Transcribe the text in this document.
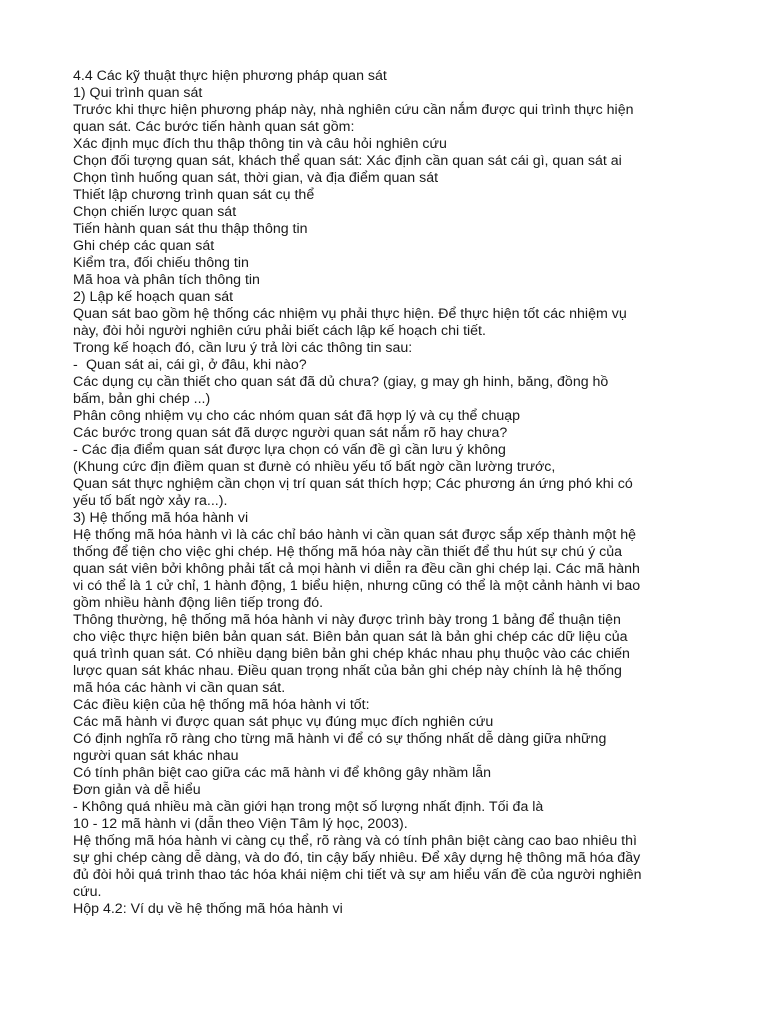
4.4 Các kỹ thuật thực hiện phương pháp quan sát
1) Qui trình quan sát
Trước khi thực hiện phương pháp này, nhà nghiên cứu cần nắm được qui trình thực hiện
quan sát. Các bước tiến hành quan sát gồm:
Xác định mục đích thu thập thông tin và câu hỏi nghiên cứu
Chọn đối tượng quan sát, khách thể quan sát: Xác định cần quan sát cái gì, quan sát ai
Chọn tình huống quan sát, thời gian, và địa điểm quan sát
Thiết lập chương trình quan sát cụ thể
Chọn chiến lược quan sát
Tiến hành quan sát thu thập thông tin
Ghi chép các quan sát
Kiểm tra, đối chiếu thông tin
Mã hoa và phân tích thông tin
2) Lập kế hoạch quan sát
Quan sát bao gồm hệ thống các nhiệm vụ phải thực hiện. Để thực hiện tốt các nhiệm vụ
này, đòi hỏi người nghiên cứu phải biết cách lập kế hoạch chi tiết.
Trong kế hoạch đó, cần lưu ý trả lời các thông tin sau:
- Quan sát ai, cái gì, ở đâu, khi nào?
Các dụng cụ cần thiết cho quan sát đã dủ chưa? (giay, g may gh hinh, băng, đồng hồ
bấm, bản ghi chép ...)
Phân công nhiệm vụ cho các nhóm quan sát đã hợp lý và cụ thể chuạp
Các bước trong quan sát đã dược người quan sát nắm rõ hay chưa?
- Các địa điểm quan sát được lựa chọn có vấn đề gì cần lưu ý không
(Khung cức địn điềm quan st đưnè có nhiều yếu tố bất ngờ cần lường trước,
Quan sát thực nghiệm cần chọn vị trí quan sát thích hợp; Các phương án ứng phó khi có
yếu tố bất ngờ xảy ra...).
3) Hệ thống mã hóa hành vi
Hệ thống mã hóa hành vì là các chỉ báo hành vi cần quan sát được sắp xếp thành một hệ
thống để tiện cho việc ghi chép. Hệ thống mã hóa này cần thiết để thu hút sự chú ý của
quan sát viên bởi không phải tất cả mọi hành vi diễn ra đều cần ghi chép lại. Các mã hành
vi có thể là 1 cử chỉ, 1 hành động, 1 biểu hiện, nhưng cũng có thể là một cảnh hành vi bao
gồm nhiều hành động liên tiếp trong đó.
Thông thường, hệ thống mã hóa hành vi này được trình bày trong 1 bảng để thuận tiện
cho việc thực hiện biên bản quan sát. Biên bản quan sát là bản ghi chép các dữ liệu của
quá trình quan sát. Có nhiều dạng biên bản ghi chép khác nhau phụ thuộc vào các chiến
lược quan sát khác nhau. Điều quan trọng nhất của bản ghi chép này chính là hệ thống
mã hóa các hành vi cần quan sát.
Các điều kiện của hệ thống mã hóa hành vi tốt:
Các mã hành vi được quan sát phục vụ đúng mục đích nghiên cứu
Có định nghĩa rõ ràng cho từng mã hành vi để có sự thống nhất dễ dàng giữa những
người quan sát khác nhau
Có tính phân biệt cao giữa các mã hành vi để không gây nhầm lẫn
Đơn giản và dễ hiểu
- Không quá nhiều mà cần giới hạn trong một số lượng nhất định. Tối đa là
10 - 12 mã hành vi (dẫn theo Viện Tâm lý học, 2003).
Hệ thống mã hóa hành vi càng cụ thể, rõ ràng và có tính phân biệt càng cao bao nhiêu thì
sự ghi chép càng dễ dàng, và do đó, tin cậy bấy nhiêu. Để xây dựng hệ thông mã hóa đầy
đủ đòi hỏi quá trình thao tác hóa khái niệm chi tiết và sự am hiểu vấn đề của người nghiên
cứu.
Hộp 4.2: Ví dụ về hệ thống mã hóa hành vi
